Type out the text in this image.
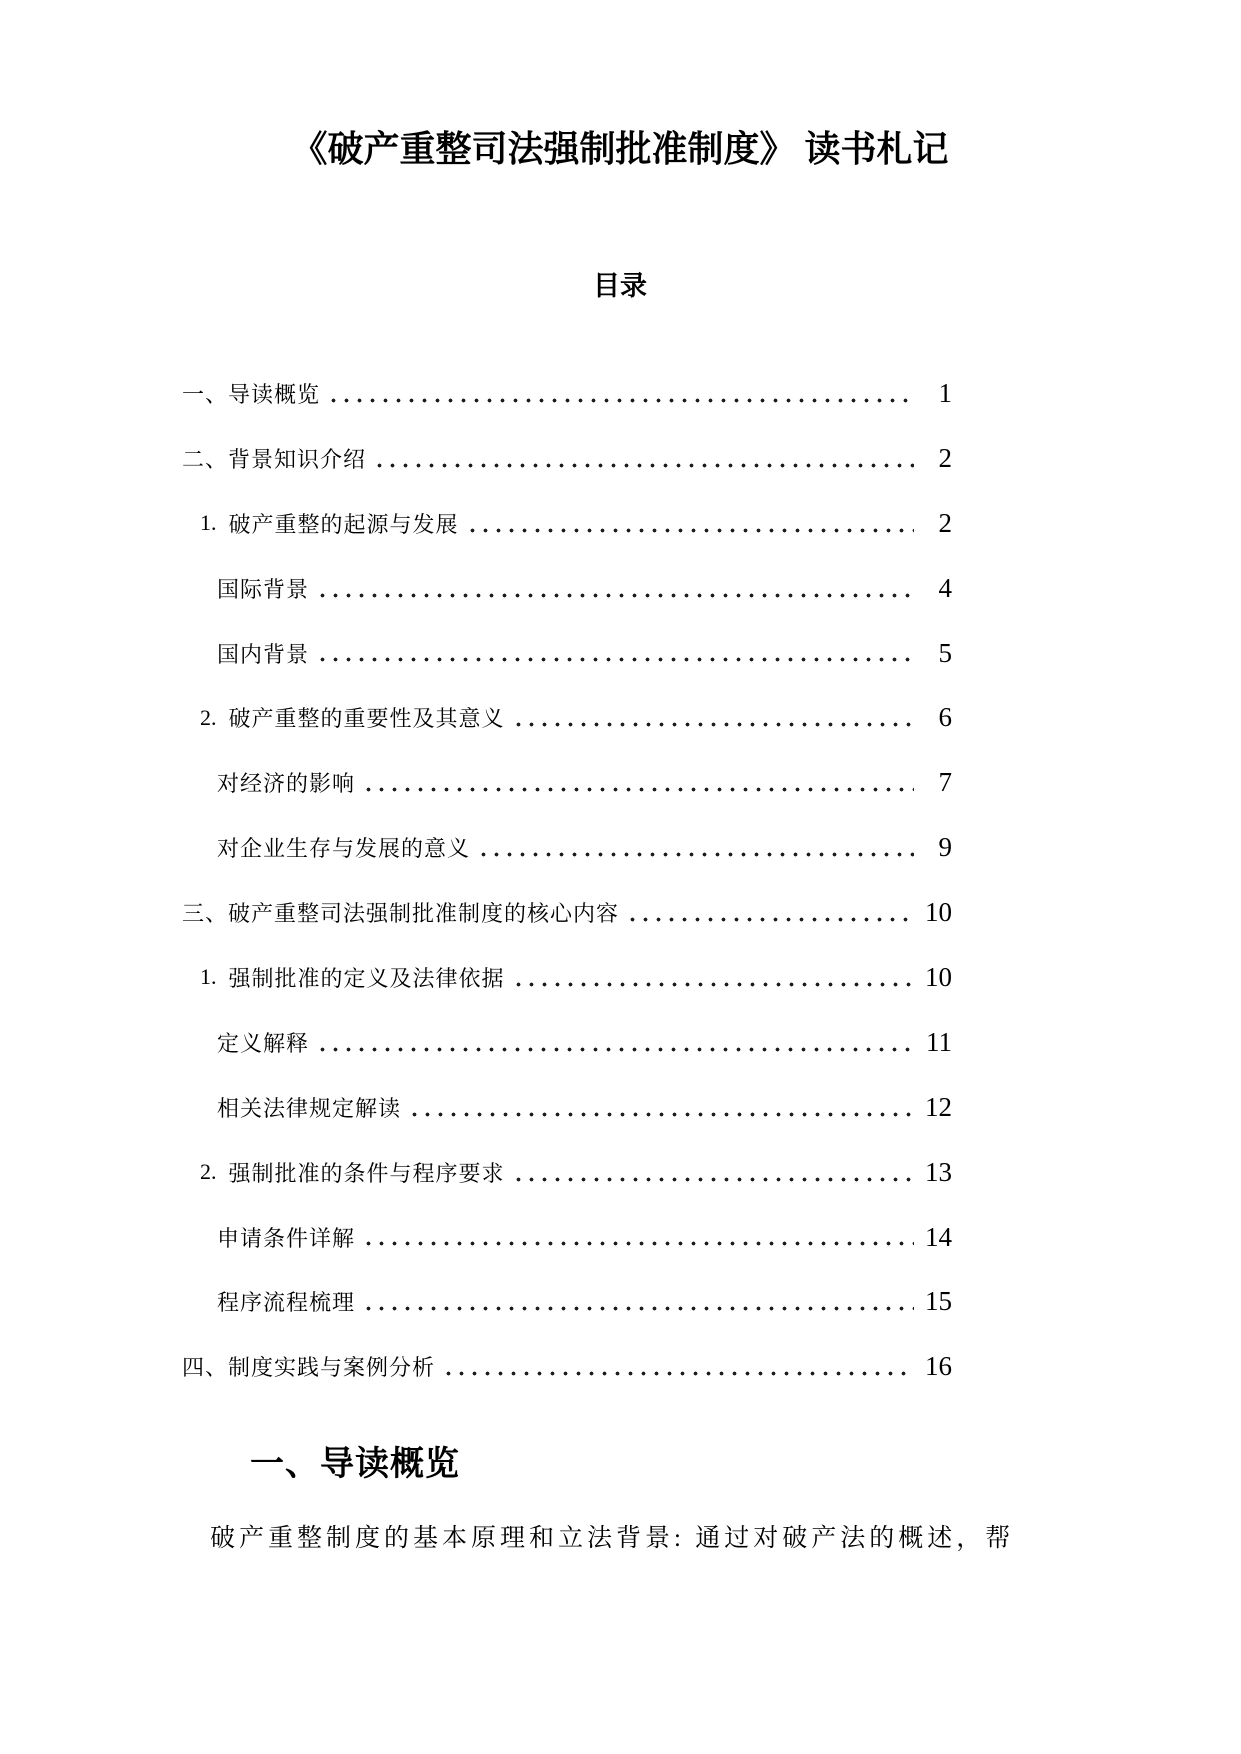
《破产重整司法强制批准制度》 读书札记
目录
一、导读概览	1
二、背景知识介绍	2
1. 破产重整的起源与发展	2
国际背景	4
国内背景	5
2. 破产重整的重要性及其意义	6
对经济的影响	7
对企业生存与发展的意义	9
三、破产重整司法强制批准制度的核心内容	10
1. 强制批准的定义及法律依据	10
定义解释	11
相关法律规定解读	12
2. 强制批准的条件与程序要求	13
申请条件详解	14
程序流程梳理	15
四、制度实践与案例分析	16
一、导读概览

破产重整制度的基本原理和立法背景: 通过对破产法的概述，帮
